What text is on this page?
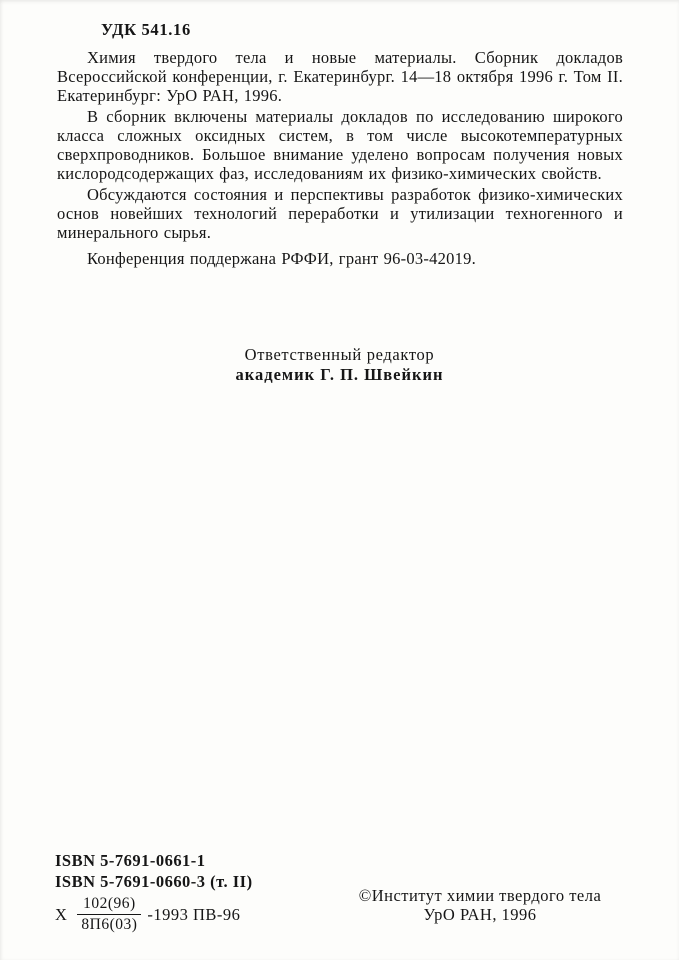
УДК 541.16

Химия твердого тела и новые материалы. Сборник докладов Всероссийской конференции, г. Екатеринбург. 14—18 октября 1996 г. Том II. Екатеринбург: УрО РАН, 1996.

В сборник включены материалы докладов по исследованию широкого класса сложных оксидных систем, в том числе высокотемпературных сверхпроводников. Большое внимание уделено вопросам получения новых кислородсодержащих фаз, исследованиям их физико-химических свойств.

Обсуждаются состояния и перспективы разработок физико-химических основ новейших технологий переработки и утилизации техногенного и минерального сырья.

Конференция поддержана РФФИ, грант 96-03-42019.

Ответственный редактор
академик Г. П. Швейкин
ISBN 5-7691-0661-1
ISBN 5-7691-0660-3 (т. II)
Х $\frac{102(96)}{8П6(03)} -1993$ ПВ-96
©Институт химии твердого тела
УрО РАН, 1996
